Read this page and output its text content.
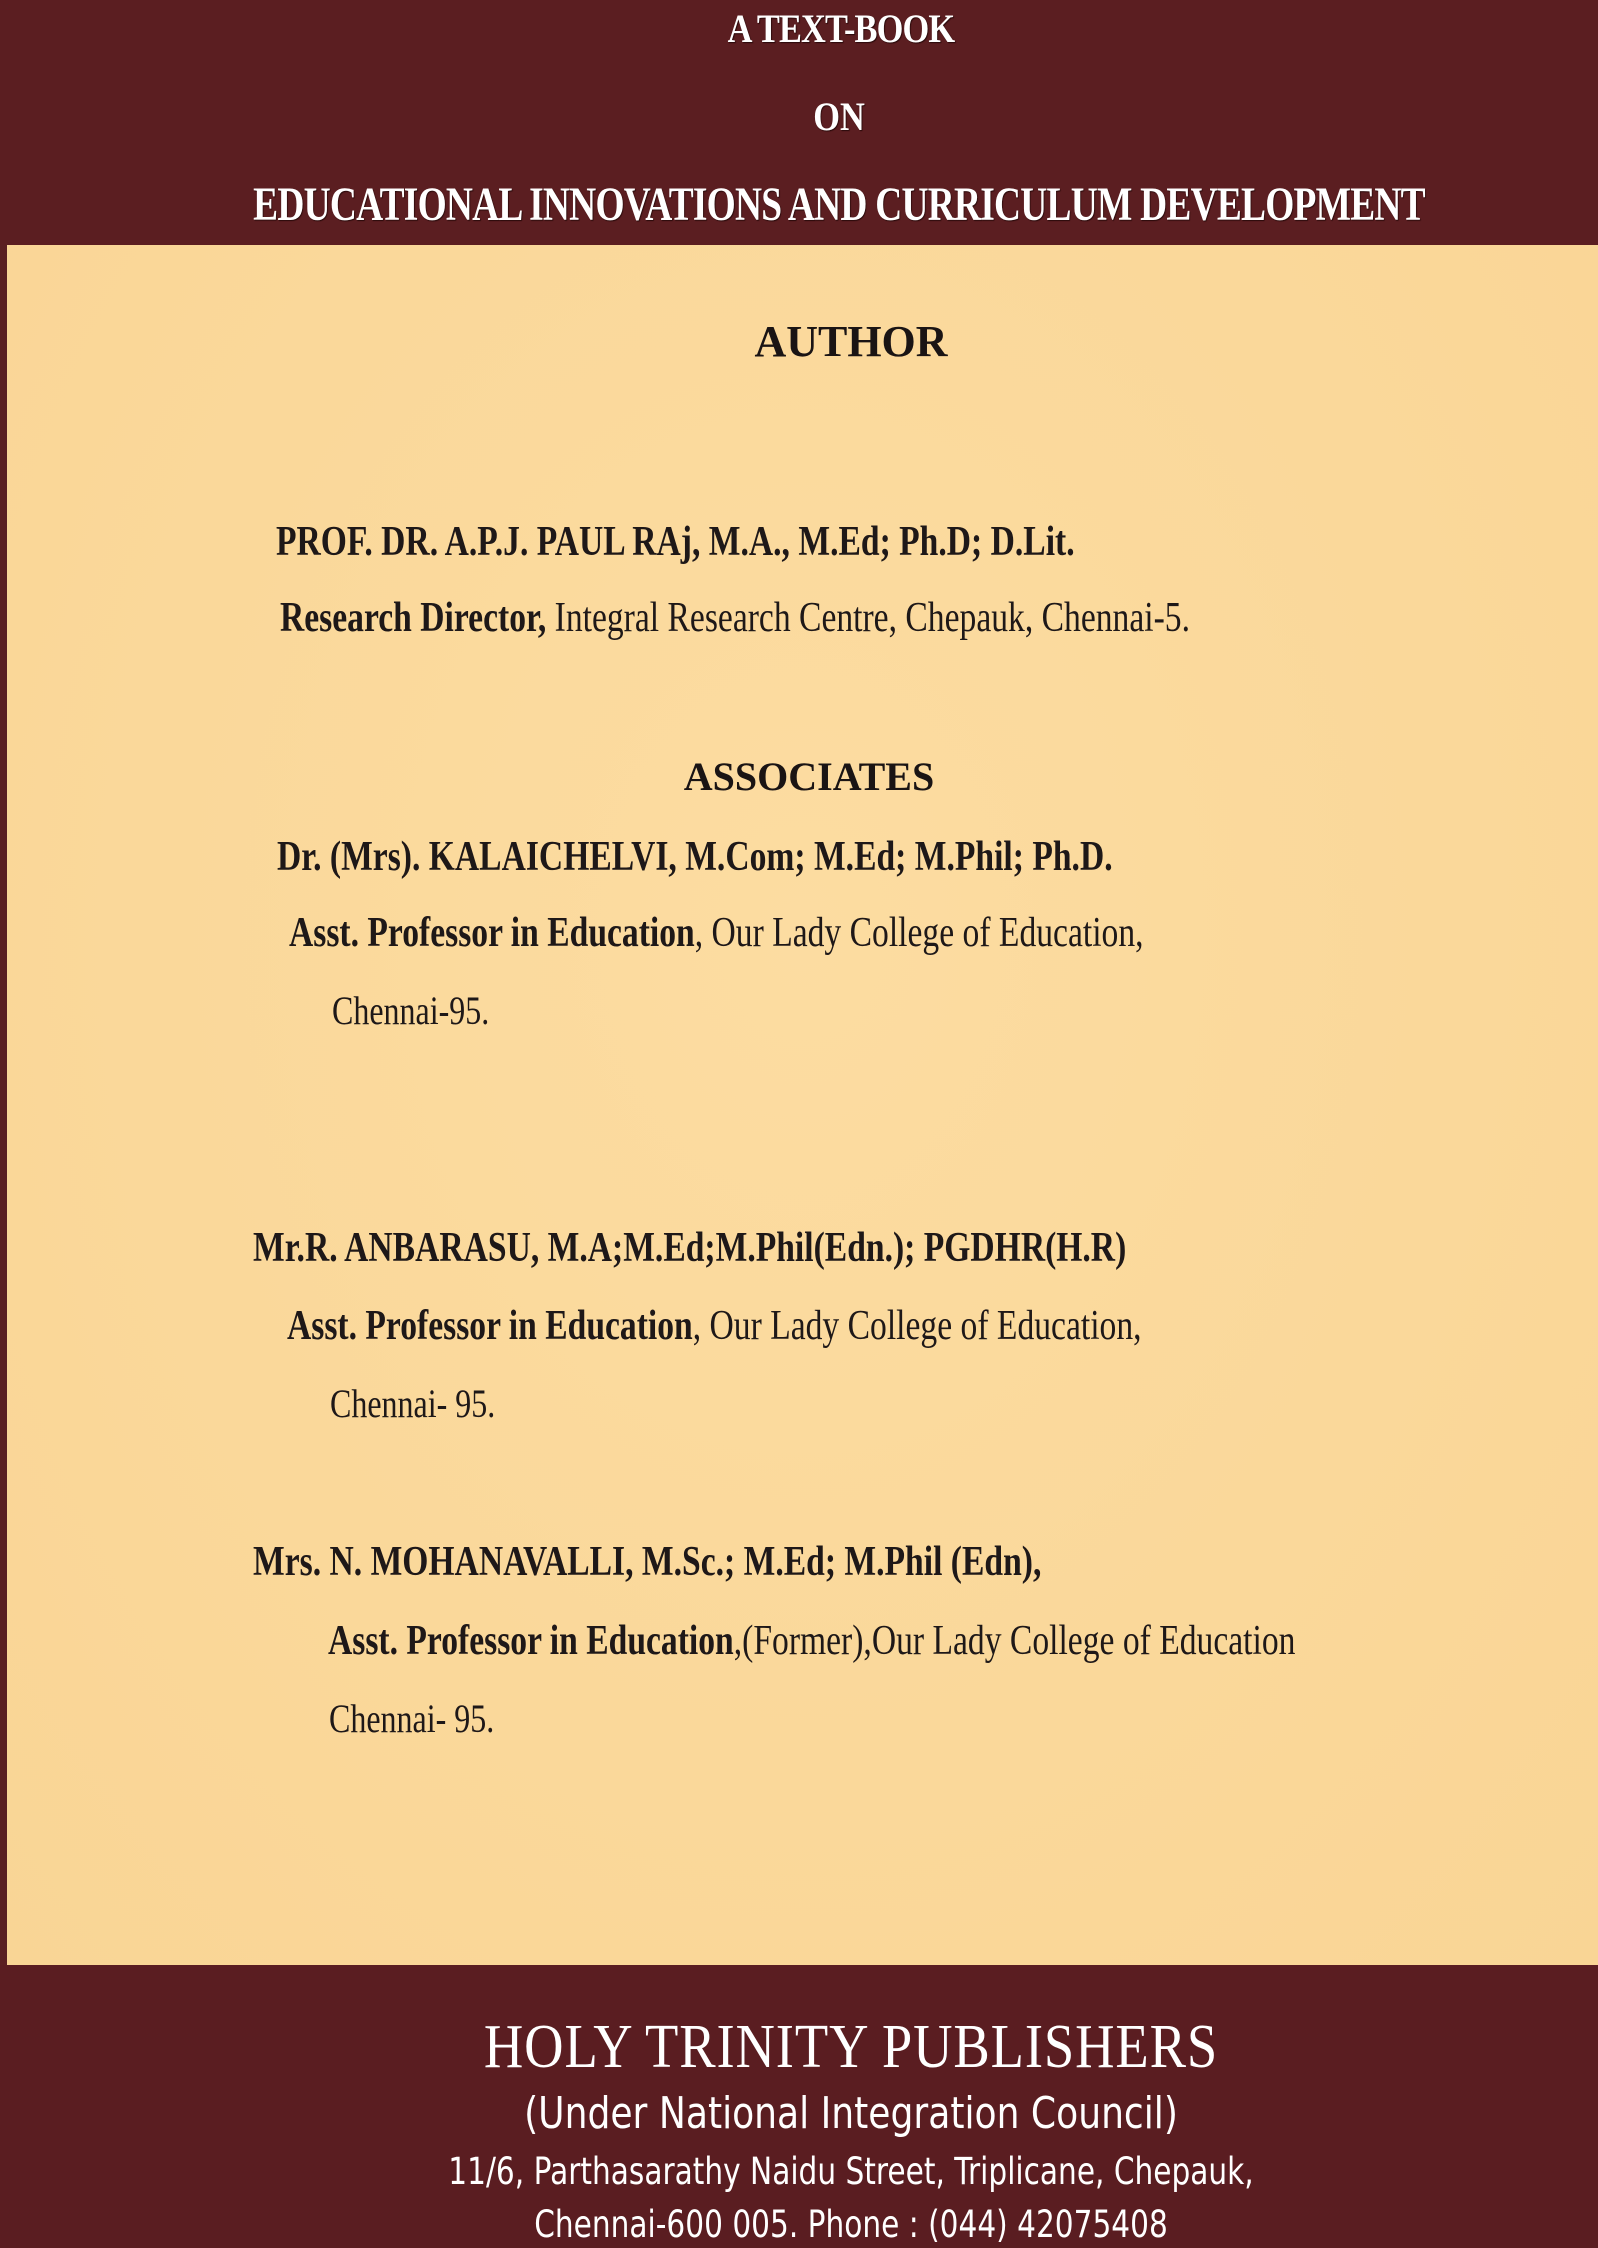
A TEXT-BOOK
ON
EDUCATIONAL INNOVATIONS AND CURRICULUM DEVELOPMENT
AUTHOR
PROF. DR. A.P.J. PAUL RAj, M.A., M.Ed; Ph.D; D.Lit.
Research Director, Integral Research Centre, Chepauk, Chennai-5.
ASSOCIATES
Dr. (Mrs). KALAICHELVI, M.Com; M.Ed; M.Phil; Ph.D.
Asst. Professor in Education, Our Lady College of Education,
Chennai-95.
Mr.R. ANBARASU, M.A;M.Ed;M.Phil(Edn.); PGDHR(H.R)
Asst. Professor in Education, Our Lady College of Education,
Chennai- 95.
Mrs. N. MOHANAVALLI, M.Sc.; M.Ed; M.Phil (Edn),
Asst. Professor in Education,(Former),Our Lady College of Education
Chennai- 95.
HOLY TRINITY PUBLISHERS
(Under National Integration Council)
11/6, Parthasarathy Naidu Street, Triplicane, Chepauk,
Chennai-600 005. Phone : (044) 42075408
